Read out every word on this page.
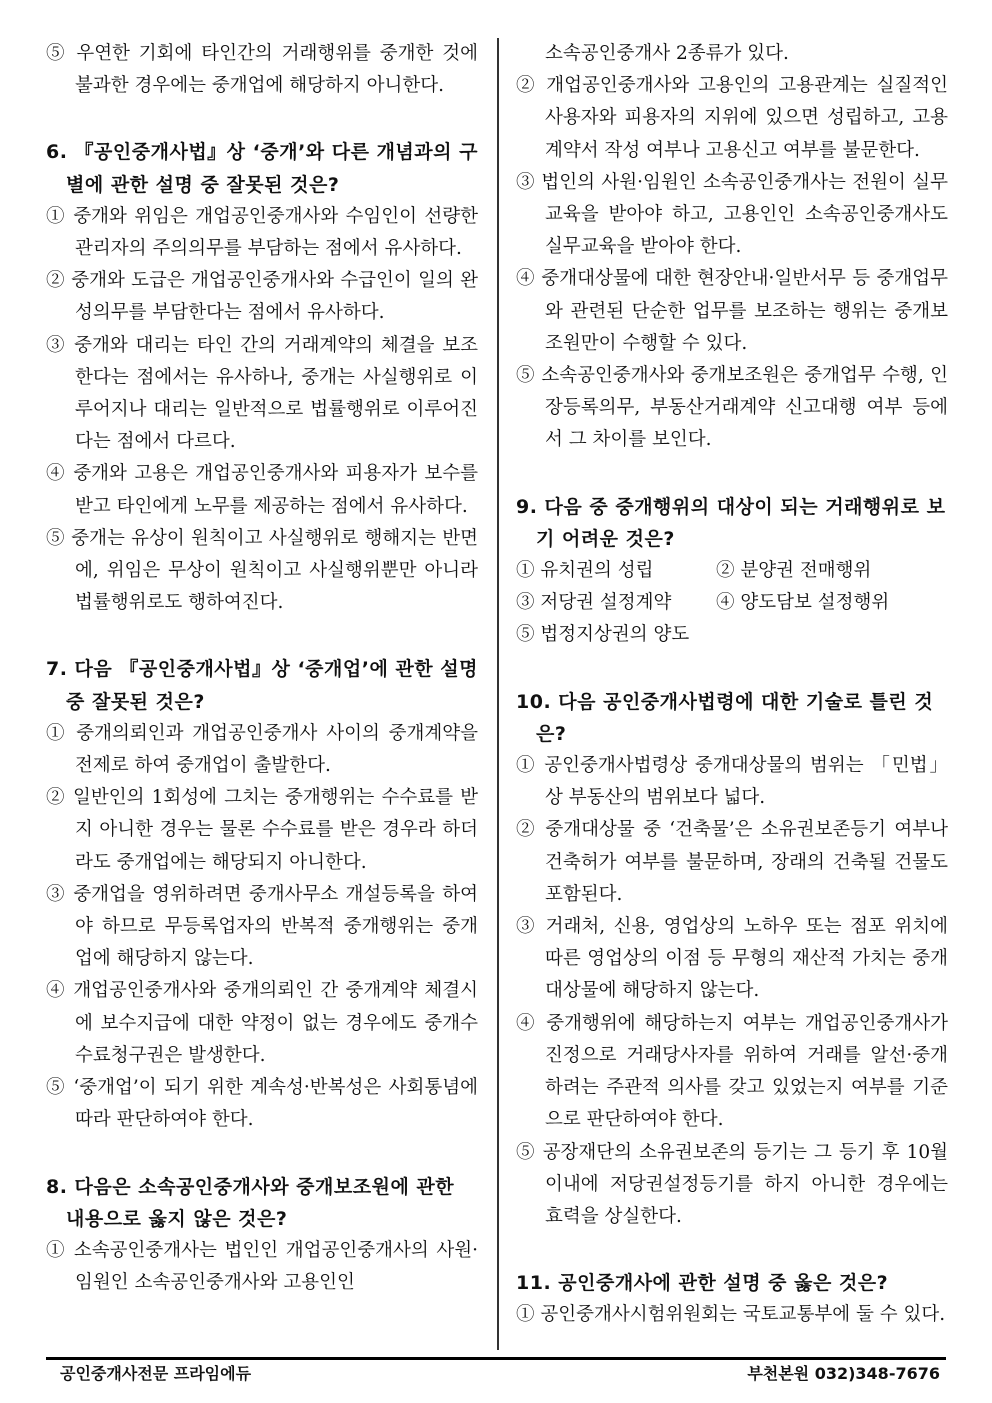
⑤ 우연한 기회에 타인간의 거래행위를 중개한 것에 불과한 경우에는 중개업에 해당하지 아니한다.
6. 『공인중개사법』상 ‘중개’와 다른 개념과의 구별에 관한 설명 중 잘못된 것은?
① 중개와 위임은 개업공인중개사와 수임인이 선량한 관리자의 주의의무를 부담하는 점에서 유사하다.
② 중개와 도급은 개업공인중개사와 수급인이 일의 완성의무를 부담한다는 점에서 유사하다.
③ 중개와 대리는 타인 간의 거래계약의 체결을 보조한다는 점에서는 유사하나, 중개는 사실행위로 이루어지나 대리는 일반적으로 법률행위로 이루어진다는 점에서 다르다.
④ 중개와 고용은 개업공인중개사와 피용자가 보수를 받고 타인에게 노무를 제공하는 점에서 유사하다.
⑤ 중개는 유상이 원칙이고 사실행위로 행해지는 반면에, 위임은 무상이 원칙이고 사실행위뿐만 아니라 법률행위로도 행하여진다.
7. 다음 『공인중개사법』상 ‘중개업’에 관한 설명 중 잘못된 것은?
① 중개의뢰인과 개업공인중개사 사이의 중개계약을 전제로 하여 중개업이 출발한다.
② 일반인의 1회성에 그치는 중개행위는 수수료를 받지 아니한 경우는 물론 수수료를 받은 경우라 하더라도 중개업에는 해당되지 아니한다.
③ 중개업을 영위하려면 중개사무소 개설등록을 하여야 하므로 무등록업자의 반복적 중개행위는 중개업에 해당하지 않는다.
④ 개업공인중개사와 중개의뢰인 간 중개계약 체결시에 보수지급에 대한 약정이 없는 경우에도 중개수수료청구권은 발생한다.
⑤ ‘중개업’이 되기 위한 계속성·반복성은 사회통념에 따라 판단하여야 한다.
8. 다음은 소속공인중개사와 중개보조원에 관한 내용으로 옳지 않은 것은?
① 소속공인중개사는 법인인 개업공인중개사의 사원·임원인 소속공인중개사와 고용인인
소속공인중개사 2종류가 있다.
② 개업공인중개사와 고용인의 고용관계는 실질적인 사용자와 피용자의 지위에 있으면 성립하고, 고용계약서 작성 여부나 고용신고 여부를 불문한다.
③ 법인의 사원·임원인 소속공인중개사는 전원이 실무교육을 받아야 하고, 고용인인 소속공인중개사도 실무교육을 받아야 한다.
④ 중개대상물에 대한 현장안내·일반서무 등 중개업무와 관련된 단순한 업무를 보조하는 행위는 중개보조원만이 수행할 수 있다.
⑤ 소속공인중개사와 중개보조원은 중개업무 수행, 인장등록의무, 부동산거래계약 신고대행 여부 등에서 그 차이를 보인다.
9. 다음 중 중개행위의 대상이 되는 거래행위로 보기 어려운 것은?
① 유치권의 성립	② 분양권 전매행위
③ 저당권 설정계약	④ 양도담보 설정행위
⑤ 법정지상권의 양도
10. 다음 공인중개사법령에 대한 기술로 틀린 것은?
① 공인중개사법령상 중개대상물의 범위는 「민법」상 부동산의 범위보다 넓다.
② 중개대상물 중 ‘건축물’은 소유권보존등기 여부나 건축허가 여부를 불문하며, 장래의 건축될 건물도 포함된다.
③ 거래처, 신용, 영업상의 노하우 또는 점포 위치에 따른 영업상의 이점 등 무형의 재산적 가치는 중개대상물에 해당하지 않는다.
④ 중개행위에 해당하는지 여부는 개업공인중개사가 진정으로 거래당사자를 위하여 거래를 알선·중개하려는 주관적 의사를 갖고 있었는지 여부를 기준으로 판단하여야 한다.
⑤ 공장재단의 소유권보존의 등기는 그 등기 후 10월 이내에 저당권설정등기를 하지 아니한 경우에는 효력을 상실한다.
11. 공인중개사에 관한 설명 중 옳은 것은?
① 공인중개사시험위원회는 국토교통부에 둘 수 있다.
공인중개사전문 프라임에듀	부천본원 032)348-7676
